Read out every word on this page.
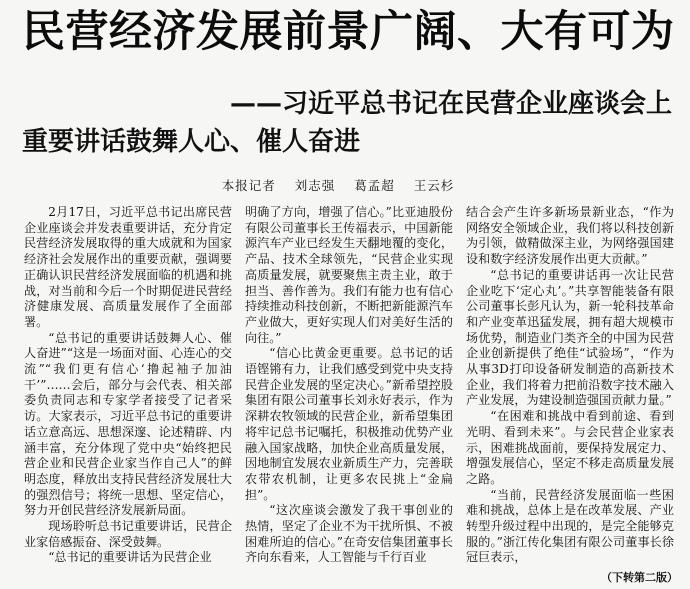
民营经济发展前景广阔、大有可为
——习近平总书记在民营企业座谈会上
重要讲话鼓舞人心、催人奋进
本报记者 刘志强 葛孟超 王云杉

2月17日，习近平总书记出席民营企业座谈会并发表重要讲话，充分肯定民营经济发展取得的重大成就和为国家经济社会发展作出的重要贡献，强调要正确认识民营经济发展面临的机遇和挑战，对当前和今后一个时期促进民营经济健康发展、高质量发展作了全面部署。

“总书记的重要讲话鼓舞人心、催人奋进”“这是一场面对面、心连心的交流”“我们更有信心‘撸起袖子加油干’”……会后，部分与会代表、相关部委负责同志和专家学者接受了记者采访。大家表示，习近平总书记的重要讲话立意高远、思想深邃、论述精辟、内涵丰富，充分体现了党中央“始终把民营企业和民营企业家当作自己人”的鲜明态度，释放出支持民营经济发展壮大的强烈信号；将统一思想、坚定信心，努力开创民营经济发展新局面。

现场聆听总书记重要讲话，民营企业家倍感振奋、深受鼓舞。

“总书记的重要讲话为民营企业

明确了方向，增强了信心。”比亚迪股份有限公司董事长王传福表示，中国新能源汽车产业已经发生天翻地覆的变化，产品、技术全球领先，“民营企业实现高质量发展，就要聚焦主责主业，敢于担当、善作善为。我们有能力也有信心持续推动科技创新，不断把新能源汽车产业做大，更好实现人们对美好生活的向往。”

“信心比黄金更重要。总书记的话语铿锵有力，让我们感受到党中央支持民营企业发展的坚定决心。”新希望控股集团有限公司董事长刘永好表示，作为深耕农牧领域的民营企业，新希望集团将牢记总书记嘱托，积极推动优势产业融入国家战略，加快企业高质量发展，因地制宜发展农业新质生产力，完善联农带农机制，让更多农民挑上“金扁担”。

“这次座谈会激发了我干事创业的热情，坚定了企业不为干扰所惧、不被困难所迫的信心。”在奇安信集团董事长齐向东看来，人工智能与千行百业

结合会产生许多新场景新业态，“作为网络安全领域企业，我们将以科技创新为引领，做精做深主业，为网络强国建设和数字经济发展作出更大贡献。”

“总书记的重要讲话再一次让民营企业吃下‘定心丸’。”共享智能装备有限公司董事长彭凡认为，新一轮科技革命和产业变革迅猛发展，拥有超大规模市场优势，制造业门类齐全的中国为民营企业创新提供了绝佳“试验场”，“作为从事3D打印设备研发制造的高新技术企业，我们将着力把前沿数字技术融入产业发展，为建设制造强国贡献力量。”

“在困难和挑战中看到前途、看到光明、看到未来”。与会民营企业家表示，困难挑战面前，要保持发展定力、增强发展信心，坚定不移走高质量发展之路。

“当前，民营经济发展面临一些困难和挑战，总体上是在改革发展、产业转型升级过程中出现的，是完全能够克服的。”浙江传化集团有限公司董事长徐冠巨表示，

（下转第二版）
